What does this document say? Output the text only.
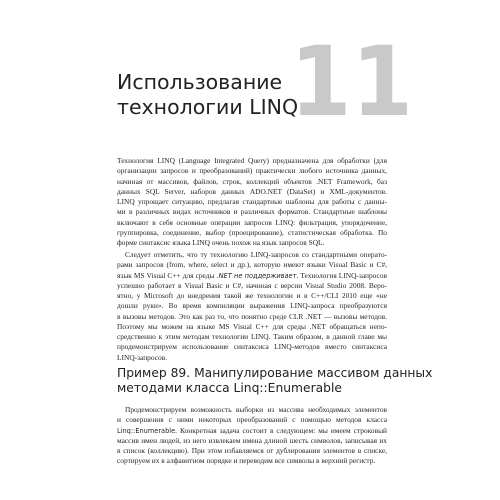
11
Использование
технологии LINQ
Технология LINQ (Language Integrated Query) предназначена для обработки (для
организации запросов и преобразований) практически любого источника данных,
начиная от массивов, файлов, строк, коллекций объектов .NET Framework, баз
данных SQL Server, наборов данных ADO.NET (DataSet) и XML-документов.
LINQ упрощает ситуацию, предлагая стандартные шаблоны для работы с данны-
ми в различных видах источников и различных форматов. Стандартные шаблоны
включают в себя основные операции запросов LINQ: фильтрация, упорядочение,
группировка, соединение, выбор (проецирование), статистическая обработка. По
форме синтаксис языка LINQ очень похож на язык запросов SQL.
Следует отметить, что ту технологию LINQ-запросов со стандартными операто-
рами запросов (from, where, select и др.), которую имеют языки Visual Basic и C#,
язык MS Visual C++ для среды .NET не поддерживает. Технология LINQ-запросов
успешно работает в Visual Basic и C#, начиная с версии Visual Studio 2008. Веро-
ятно, у Microsoft до внедрения такой же технологии и в C++/CLI 2010 еще «не
дошли руки». Во время компиляции выражения LINQ-запроса преобразуются
в вызовы методов. Это как раз то, что понятно среде CLR .NET — вызовы методов.
Поэтому мы можем на языке MS Visual C++ для среды .NET обращаться непо-
средственно к этим методам технологии LINQ. Таким образом, в данной главе мы
продемонстрируем использование синтаксиса LINQ-методов вместо синтаксиса
LINQ-запросов.
Пример 89. Манипулирование массивом данных
методами класса Linq::Enumerable
Продемонстрируем возможность выборки из массива необходимых элементов
и совершения с ними некоторых преобразований с помощью методов класса
Linq::Enumerable. Конкретная задача состоит в следующем: мы имеем строковый
массив имен людей, из него извлекаем имена длиной шесть символов, записывая их
в список (коллекцию). При этом избавляемся от дублирования элементов в списке,
сортируем их в алфавитном порядке и переводим все символы в верхний регистр.
